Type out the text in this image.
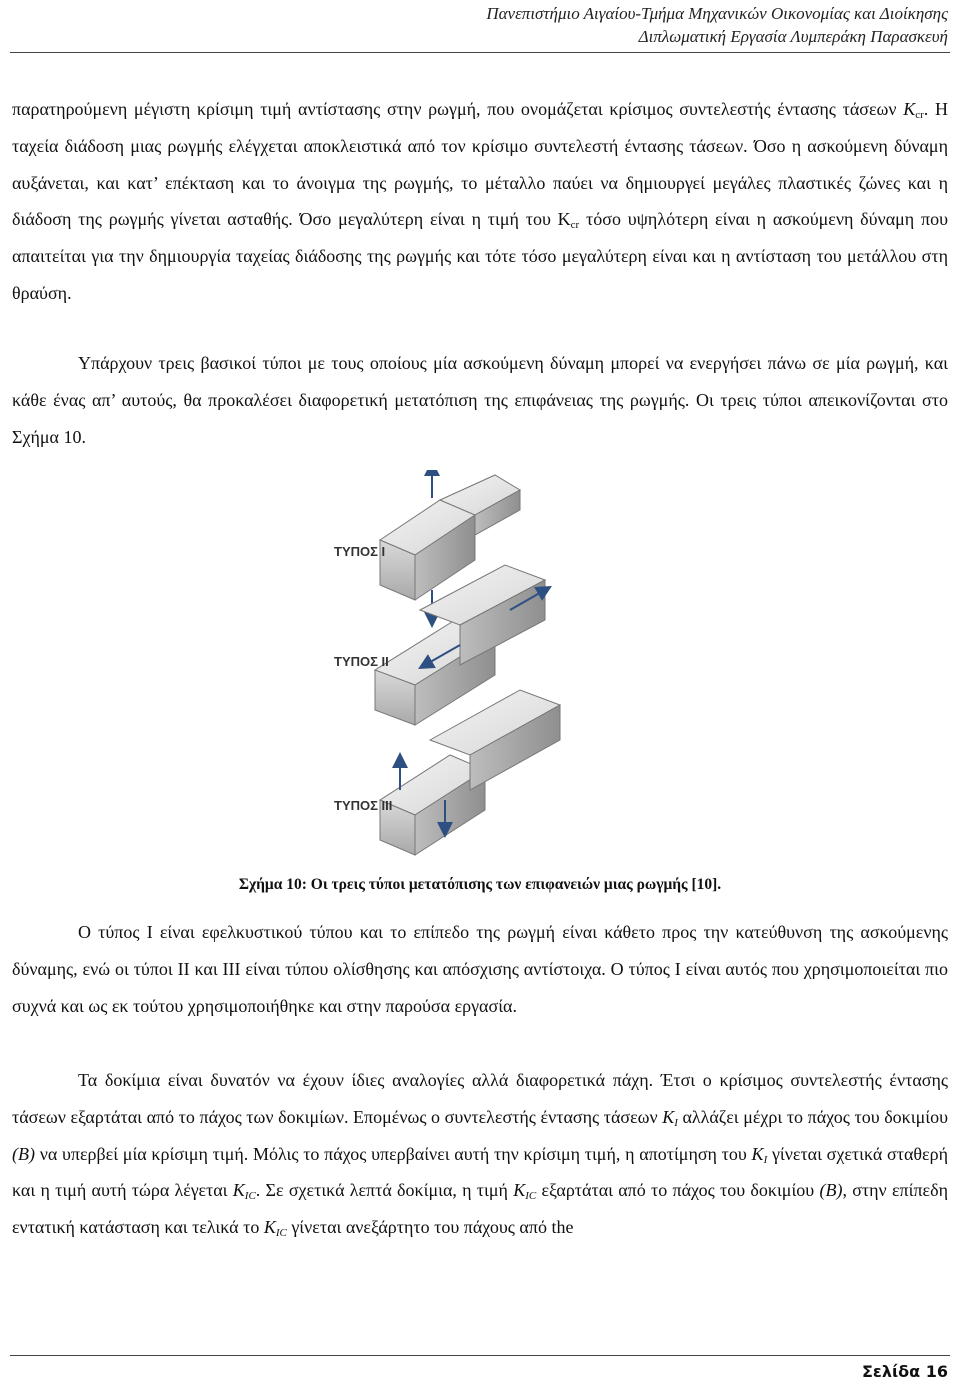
Πανεπιστήμιο Αιγαίου-Τμήμα Μηχανικών Οικονομίας και Διοίκησης
Διπλωματική Εργασία Λυμπεράκη Παρασκευή

παρατηρούμενη μέγιστη κρίσιμη τιμή αντίστασης στην ρωγμή, που ονομάζεται κρίσιμος συντελεστής έντασης τάσεων $K_{cr}$. Η ταχεία διάδοση μιας ρωγμής ελέγχεται αποκλειστικά από τον κρίσιμο συντελεστή έντασης τάσεων. Όσο η ασκούμενη δύναμη αυξάνεται, και κατ’ επέκταση και το άνοιγμα της ρωγμής, το μέταλλο παύει να δημιουργεί μεγάλες πλαστικές ζώνες και η διάδοση της ρωγμής γίνεται ασταθής. Όσο μεγαλύτερη είναι η τιμή του $K_{cr}$ τόσο υψηλότερη είναι η ασκούμενη δύναμη που απαιτείται για την δημιουργία ταχείας διάδοσης της ρωγμής και τότε τόσο μεγαλύτερη είναι και η αντίσταση του μετάλλου στη θραύση.

Υπάρχουν τρεις βασικοί τύποι με τους οποίους μία ασκούμενη δύναμη μπορεί να ενεργήσει πάνω σε μία ρωγμή, και κάθε ένας απ’ αυτούς, θα προκαλέσει διαφορετική μετατόπιση της επιφάνειας της ρωγμής. Οι τρεις τύποι απεικονίζονται στο Σχήμα 10.

ΤΥΠΟΣ Ι
ΤΥΠΟΣ ΙΙ
ΤΥΠΟΣ ΙΙΙ
Σχήμα 10: Οι τρεις τύποι μετατόπισης των επιφανειών μιας ρωγμής [10].

Ο τύπος Ι είναι εφελκυστικού τύπου και το επίπεδο της ρωγμή είναι κάθετο προς την κατεύθυνση της ασκούμενης δύναμης, ενώ οι τύποι ΙΙ και ΙΙΙ είναι τύπου ολίσθησης και απόσχισης αντίστοιχα. Ο τύπος Ι είναι αυτός που χρησιμοποιείται πιο συχνά και ως εκ τούτου χρησιμοποιήθηκε και στην παρούσα εργασία.

Τα δοκίμια είναι δυνατόν να έχουν ίδιες αναλογίες αλλά διαφορετικά πάχη. Έτσι ο κρίσιμος συντελεστής έντασης τάσεων εξαρτάται από το πάχος των δοκιμίων. Επομένως ο συντελεστής έντασης τάσεων $K_I$ αλλάζει μέχρι το πάχος του δοκιμίου (Β) να υπερβεί μία κρίσιμη τιμή. Μόλις το πάχος υπερβαίνει αυτή την κρίσιμη τιμή, η αποτίμηση του $K_I$ γίνεται σχετικά σταθερή και η τιμή αυτή τώρα λέγεται $K_{IC}$. Σε σχετικά λεπτά δοκίμια, η τιμή $K_{IC}$ εξαρτάται από το πάχος του δοκιμίου (Β), στην επίπεδη εντατική κατάσταση και τελικά το $K_{IC}$ γίνεται ανεξάρτητο του πάχους από the

Σελίδα 16
